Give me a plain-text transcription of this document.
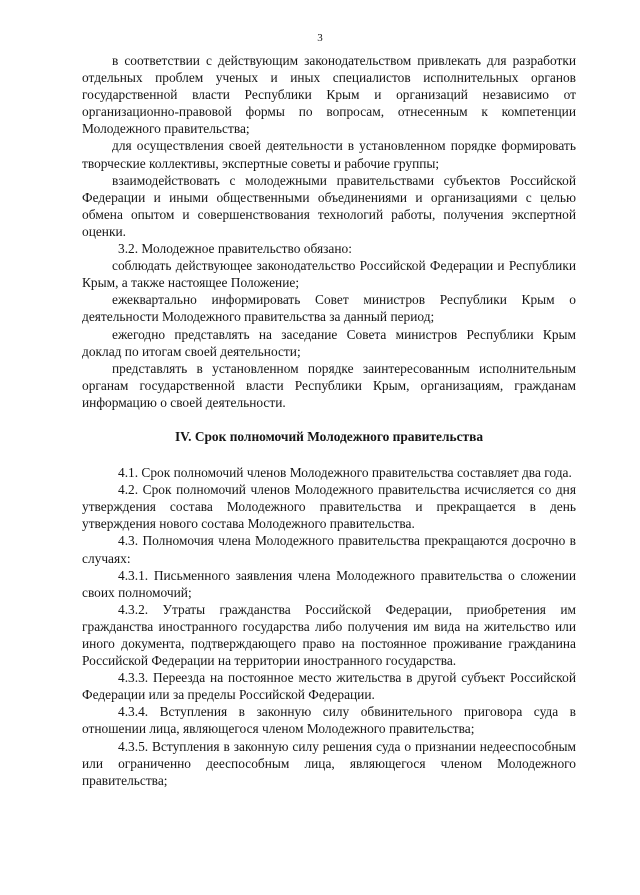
3

в соответствии с действующим законодательством привлекать для разработки отдельных проблем ученых и иных специалистов исполнительных органов государственной власти Республики Крым и организаций независимо от организационно-правовой формы по вопросам, отнесенным к компетенции Молодежного правительства;

для осуществления своей деятельности в установленном порядке формировать творческие коллективы, экспертные советы и рабочие группы;

взаимодействовать с молодежными правительствами субъектов Российской Федерации и иными общественными объединениями и организациями с целью обмена опытом и совершенствования технологий работы, получения экспертной оценки.

3.2. Молодежное правительство обязано:

соблюдать действующее законодательство Российской Федерации и Республики Крым, а также настоящее Положение;

ежеквартально информировать Совет министров Республики Крым о деятельности Молодежного правительства за данный период;

ежегодно представлять на заседание Совета министров Республики Крым доклад по итогам своей деятельности;

представлять в установленном порядке заинтересованным исполнительным органам государственной власти Республики Крым, организациям, гражданам информацию о своей деятельности.

IV. Срок полномочий Молодежного правительства

4.1. Срок полномочий членов Молодежного правительства составляет два года.

4.2. Срок полномочий членов Молодежного правительства исчисляется со дня утверждения состава Молодежного правительства и прекращается в день утверждения нового состава Молодежного правительства.

4.3. Полномочия члена Молодежного правительства прекращаются досрочно в случаях:

4.3.1. Письменного заявления члена Молодежного правительства о сложении своих полномочий;

4.3.2. Утраты гражданства Российской Федерации, приобретения им гражданства иностранного государства либо получения им вида на жительство или иного документа, подтверждающего право на постоянное проживание гражданина Российской Федерации на территории иностранного государства.

4.3.3. Переезда на постоянное место жительства в другой субъект Российской Федерации или за пределы Российской Федерации.

4.3.4. Вступления в законную силу обвинительного приговора суда в отношении лица, являющегося членом Молодежного правительства;

4.3.5. Вступления в законную силу решения суда о признании недееспособным или ограниченно дееспособным лица, являющегося членом Молодежного правительства;
